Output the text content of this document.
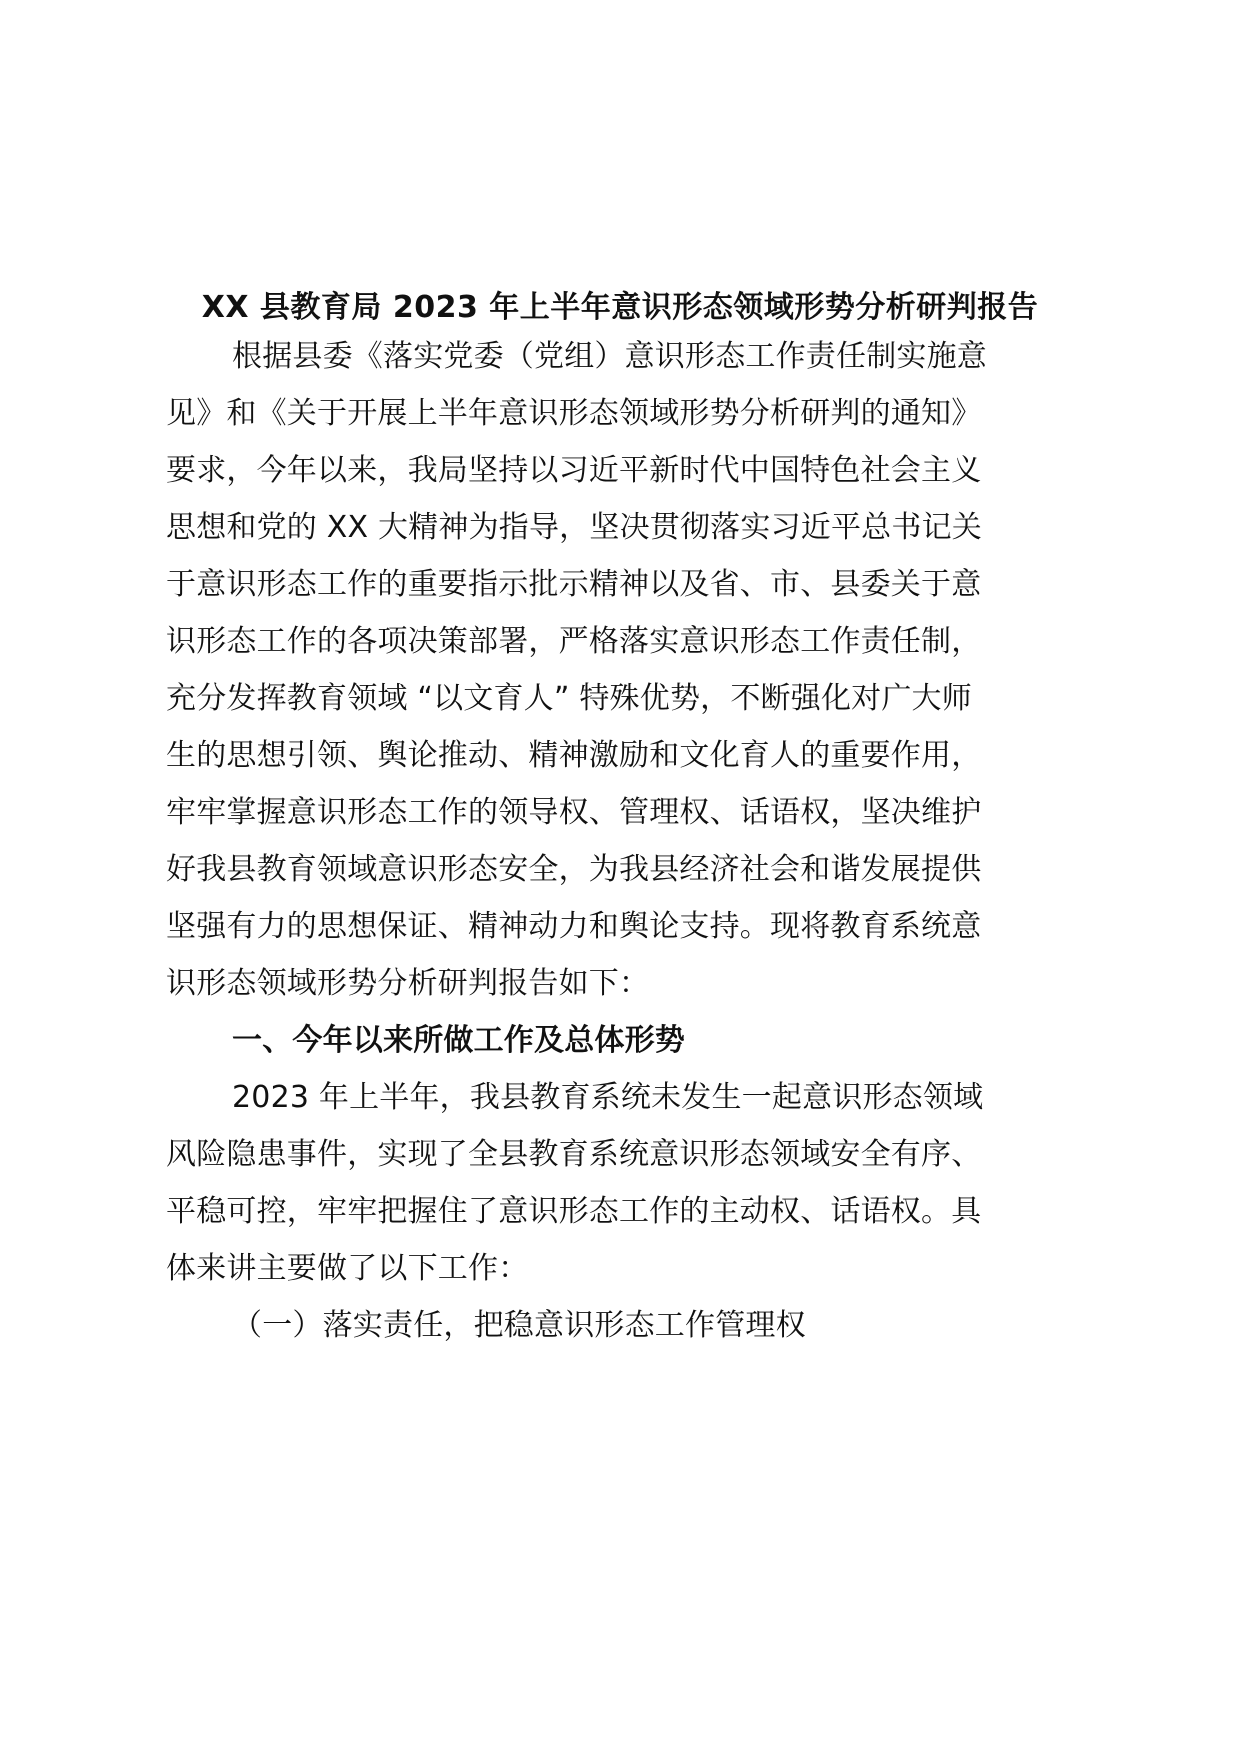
XX 县教育局 2023 年上半年意识形态领域形势分析研判报告
根据县委《落实党委（党组）意识形态工作责任制实施意
见》和《关于开展上半年意识形态领域形势分析研判的通知》
要求，今年以来，我局坚持以习近平新时代中国特色社会主义
思想和党的 XX 大精神为指导，坚决贯彻落实习近平总书记关
于意识形态工作的重要指示批示精神以及省、市、县委关于意
识形态工作的各项决策部署，严格落实意识形态工作责任制，
充分发挥教育领域 “以文育人” 特殊优势，不断强化对广大师
生的思想引领、舆论推动、精神激励和文化育人的重要作用，
牢牢掌握意识形态工作的领导权、管理权、话语权，坚决维护
好我县教育领域意识形态安全，为我县经济社会和谐发展提供
坚强有力的思想保证、精神动力和舆论支持。现将教育系统意
识形态领域形势分析研判报告如下：
一、今年以来所做工作及总体形势
2023 年上半年，我县教育系统未发生一起意识形态领域
风险隐患事件，实现了全县教育系统意识形态领域安全有序、
平稳可控，牢牢把握住了意识形态工作的主动权、话语权。具
体来讲主要做了以下工作：
（一）落实责任，把稳意识形态工作管理权
